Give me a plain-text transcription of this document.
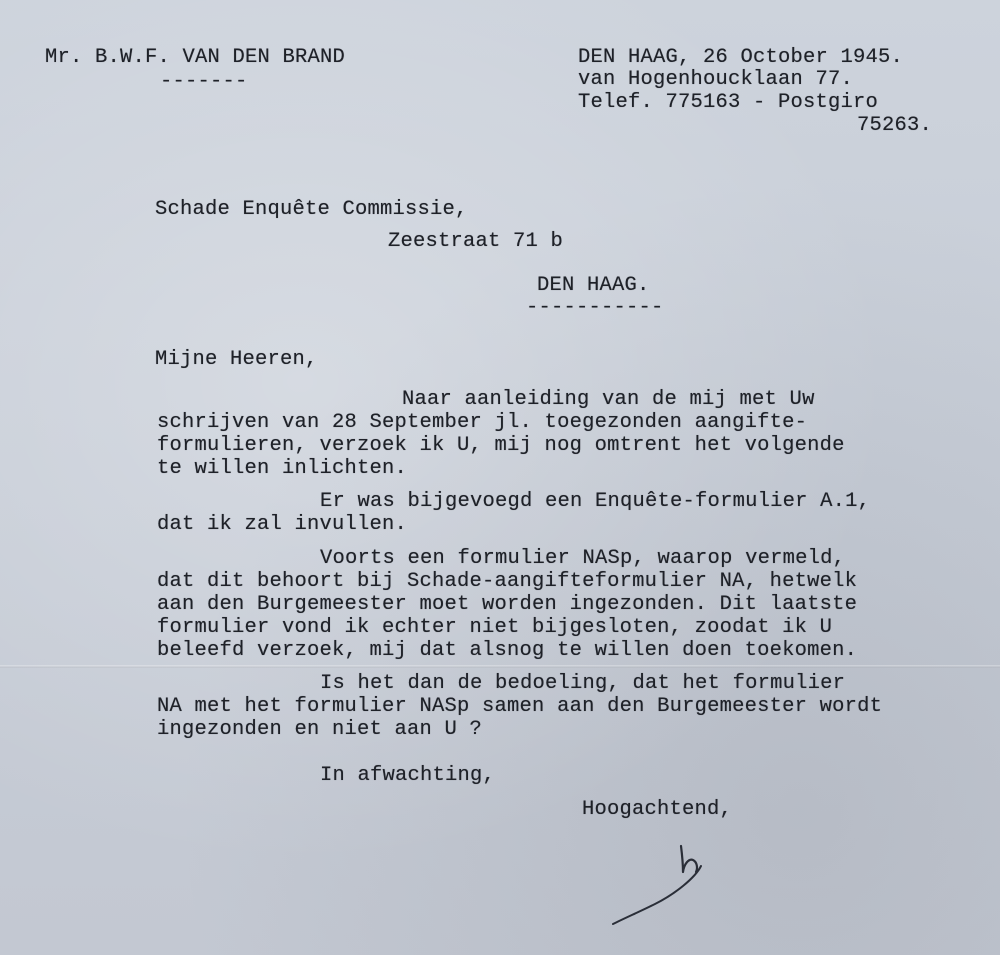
Mr. B.W.F. VAN DEN BRAND
-------
DEN HAAG, 26 October 1945.
van Hogenhoucklaan 77.
Telef. 775163 - Postgiro
75263.
Schade Enquête Commissie,
Zeestraat 71 b
DEN HAAG.
-----------
Mijne Heeren,
Naar aanleiding van de mij met Uw
schrijven van 28 September jl. toegezonden aangifte-
formulieren, verzoek ik U, mij nog omtrent het volgende
te willen inlichten.
Er was bijgevoegd een Enquête-formulier A.1,
dat ik zal invullen.
Voorts een formulier NASp, waarop vermeld,
dat dit behoort bij Schade-aangifteformulier NA, hetwelk
aan den Burgemeester moet worden ingezonden. Dit laatste
formulier vond ik echter niet bijgesloten, zoodat ik U
beleefd verzoek, mij dat alsnog te willen doen toekomen.
Is het dan de bedoeling, dat het formulier
NA met het formulier NASp samen aan den Burgemeester wordt
ingezonden en niet aan U ?
In afwachting,
Hoogachtend,
